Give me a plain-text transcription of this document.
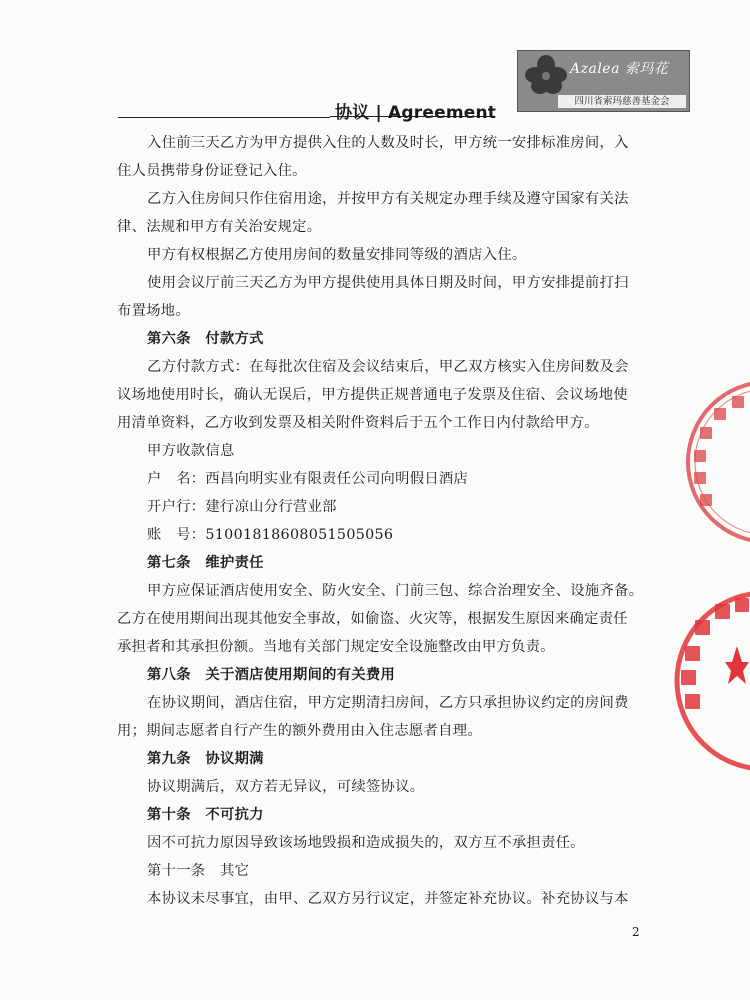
Azalea 索玛花
四川省索玛慈善基金会
协议 | Agreement
入住前三天乙方为甲方提供入住的人数及时长，甲方统一安排标准房间，入
住人员携带身份证登记入住。
乙方入住房间只作住宿用途，并按甲方有关规定办理手续及遵守国家有关法
律、法规和甲方有关治安规定。
甲方有权根据乙方使用房间的数量安排同等级的酒店入住。
使用会议厅前三天乙方为甲方提供使用具体日期及时间，甲方安排提前打扫
布置场地。
第六条　付款方式
乙方付款方式：在每批次住宿及会议结束后，甲乙双方核实入住房间数及会
议场地使用时长，确认无误后，甲方提供正规普通电子发票及住宿、会议场地使
用清单资料，乙方收到发票及相关附件资料后于五个工作日内付款给甲方。
甲方收款信息
户　名：西昌向明实业有限责任公司向明假日酒店
开户行：建行凉山分行营业部
账　号：51001818608051505056
第七条　维护责任
甲方应保证酒店使用安全、防火安全、门前三包、综合治理安全、设施齐备。
乙方在使用期间出现其他安全事故，如偷盗、火灾等，根据发生原因来确定责任
承担者和其承担份额。当地有关部门规定安全设施整改由甲方负责。
第八条　关于酒店使用期间的有关费用
在协议期间，酒店住宿，甲方定期清扫房间，乙方只承担协议约定的房间费
用；期间志愿者自行产生的额外费用由入住志愿者自理。
第九条　协议期满
协议期满后，双方若无异议，可续签协议。
第十条　不可抗力
因不可抗力原因导致该场地毁损和造成损失的，双方互不承担责任。
第十一条　其它
本协议未尽事宜，由甲、乙双方另行议定，并签定补充协议。补充协议与本
2
